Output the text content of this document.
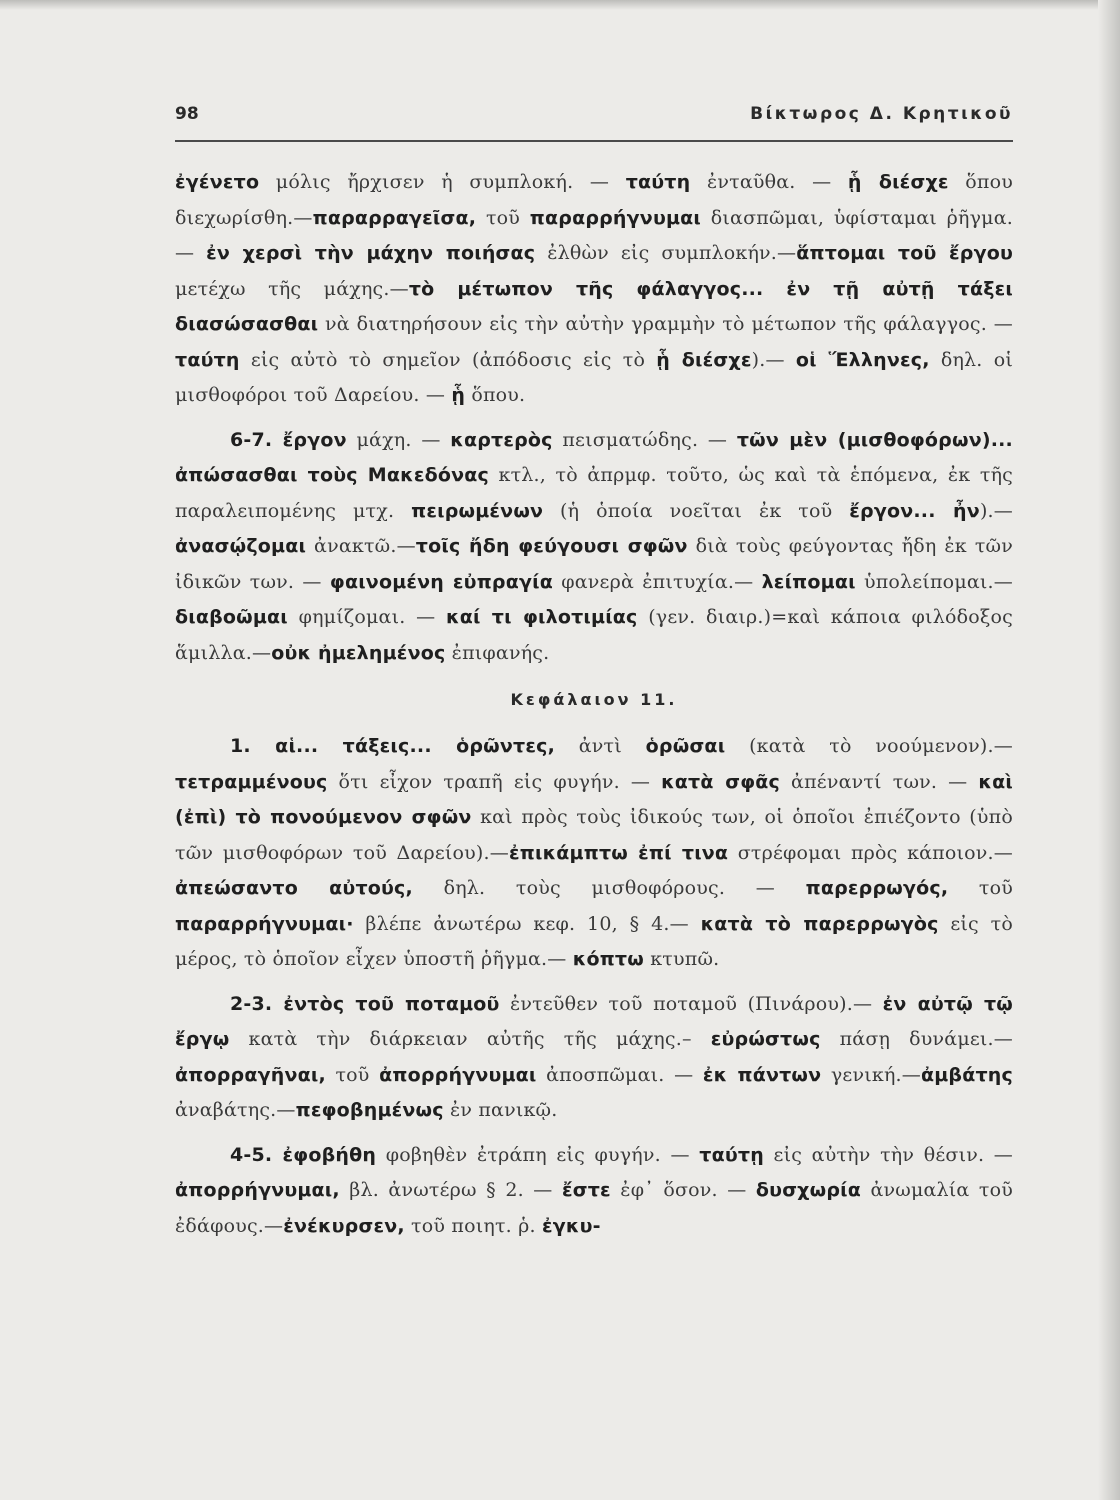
98	Βίκτωρος Δ. Κρητικοῦ

ἐγένετο μόλις ἤρχισεν ἡ συμπλοκή. — ταύτη ἐνταῦθα. — ᾗ διέσχε ὅπου διεχωρίσθη.—παραρραγεῖσα, τοῦ παραρρήγνυμαι διασπῶμαι, ὑφίσταμαι ῥῆγμα. — ἐν χερσὶ τὴν μάχην ποιήσας ἐλθὼν εἰς συμπλοκήν.—ἅπτομαι τοῦ ἔργου μετέχω τῆς μάχης.—τὸ μέτωπον τῆς φάλαγγος... ἐν τῇ αὐτῇ τάξει διασώσασθαι νὰ διατηρήσουν εἰς τὴν αὐτὴν γραμμὴν τὸ μέτωπον τῆς φάλαγγος. — ταύτη εἰς αὐτὸ τὸ σημεῖον (ἀπόδοσις εἰς τὸ ᾗ διέσχε).— οἱ Ἕλληνες, δηλ. οἱ μισθοφόροι τοῦ Δαρείου. — ᾗ ὅπου.

6-7. ἔργον μάχη. — καρτερὸς πεισματώδης. — τῶν μὲν (μισθοφόρων)... ἀπώσασθαι τοὺς Μακεδόνας κτλ., τὸ ἀπρμφ. τοῦτο, ὡς καὶ τὰ ἑπόμενα, ἐκ τῆς παραλειπομένης μτχ. πειρωμένων (ἡ ὁποία νοεῖται ἐκ τοῦ ἔργον... ἦν).—ἀνασῴζομαι ἀνακτῶ.—τοῖς ἤδη φεύγουσι σφῶν διὰ τοὺς φεύγοντας ἤδη ἐκ τῶν ἰδικῶν των. — φαινομένη εὐπραγία φανερὰ ἐπιτυχία.— λείπομαι ὑπολείπομαι.— διαβοῶμαι φημίζομαι. — καί τι φιλοτιμίας (γεν. διαιρ.)=καὶ κάποια φιλόδοξος ἅμιλλα.—οὐκ ἠμελημένος ἐπιφανής.

Κεφάλαιον 11.

1. αἱ... τάξεις... ὁρῶντες, ἀντὶ ὁρῶσαι (κατὰ τὸ νοούμενον).— τετραμμένους ὅτι εἶχον τραπῆ εἰς φυγήν. — κατὰ σφᾶς ἀπέναντί των. — καὶ (ἐπὶ) τὸ πονούμενον σφῶν καὶ πρὸς τοὺς ἰδικούς των, οἱ ὁποῖοι ἐπιέζοντο (ὑπὸ τῶν μισθοφόρων τοῦ Δαρείου).—ἐπικάμπτω ἐπί τινα στρέφομαι πρὸς κάποιον.—ἀπεώσαντο αὐτούς, δηλ. τοὺς μισθοφόρους. — παρερρωγός, τοῦ παραρρήγνυμαι· βλέπε ἀνωτέρω κεφ. 10, § 4.— κατὰ τὸ παρερρωγὸς εἰς τὸ μέρος, τὸ ὁποῖον εἶχεν ὑποστῆ ῥῆγμα.— κόπτω κτυπῶ.

2-3. ἐντὸς τοῦ ποταμοῦ ἐντεῦθεν τοῦ ποταμοῦ (Πινάρου).— ἐν αὐτῷ τῷ ἔργῳ κατὰ τὴν διάρκειαν αὐτῆς τῆς μάχης.– εὐρώστως πάσῃ δυνάμει.— ἀπορραγῆναι, τοῦ ἀπορρήγνυμαι ἀποσπῶμαι. — ἐκ πάντων γενική.—ἀμβάτης ἀναβάτης.—πεφοβημένως ἐν πανικῷ.

4-5. ἐφοβήθη φοβηθὲν ἐτράπη εἰς φυγήν. — ταύτῃ εἰς αὐτὴν τὴν θέσιν. — ἀπορρήγνυμαι, βλ. ἀνωτέρω § 2. — ἔστε ἐφ᾽ ὅσον. — δυσχωρία ἀνωμαλία τοῦ ἐδάφους.—ἐνέκυρσεν, τοῦ ποιητ. ῥ. ἐγκυ-
